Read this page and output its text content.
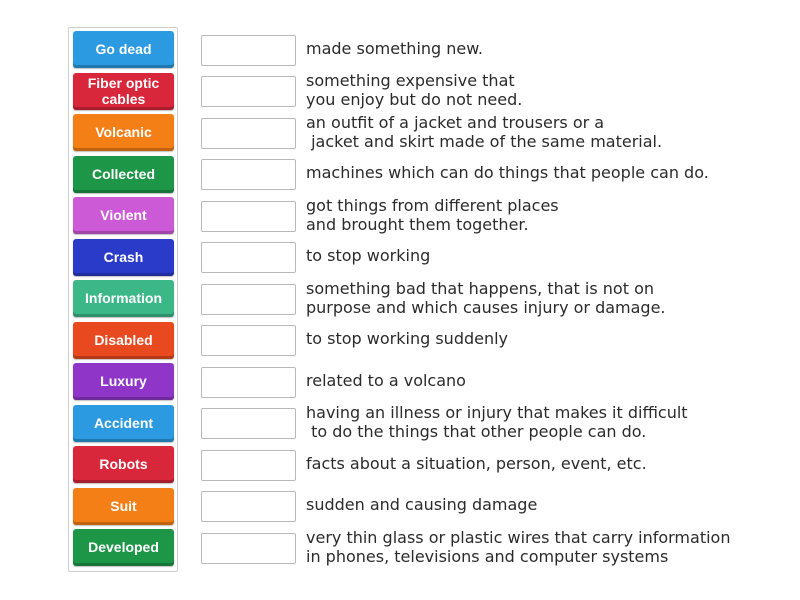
Go dead
Fiber optic cables
Volcanic
Collected
Violent
Crash
Information
Disabled
Luxury
Accident
Robots
Suit
Developed
made something new.
something expensive that
you enjoy but do not need.
an outfit of a jacket and trousers or a
jacket and skirt made of the same material.
machines which can do things that people can do.
got things from different places
and brought them together.
to stop working
something bad that happens, that is not on
purpose and which causes injury or damage.
to stop working suddenly
related to a volcano
having an illness or injury that makes it difficult
to do the things that other people can do.
facts about a situation, person, event, etc.
sudden and causing damage
very thin glass or plastic wires that carry information
in phones, televisions and computer systems
